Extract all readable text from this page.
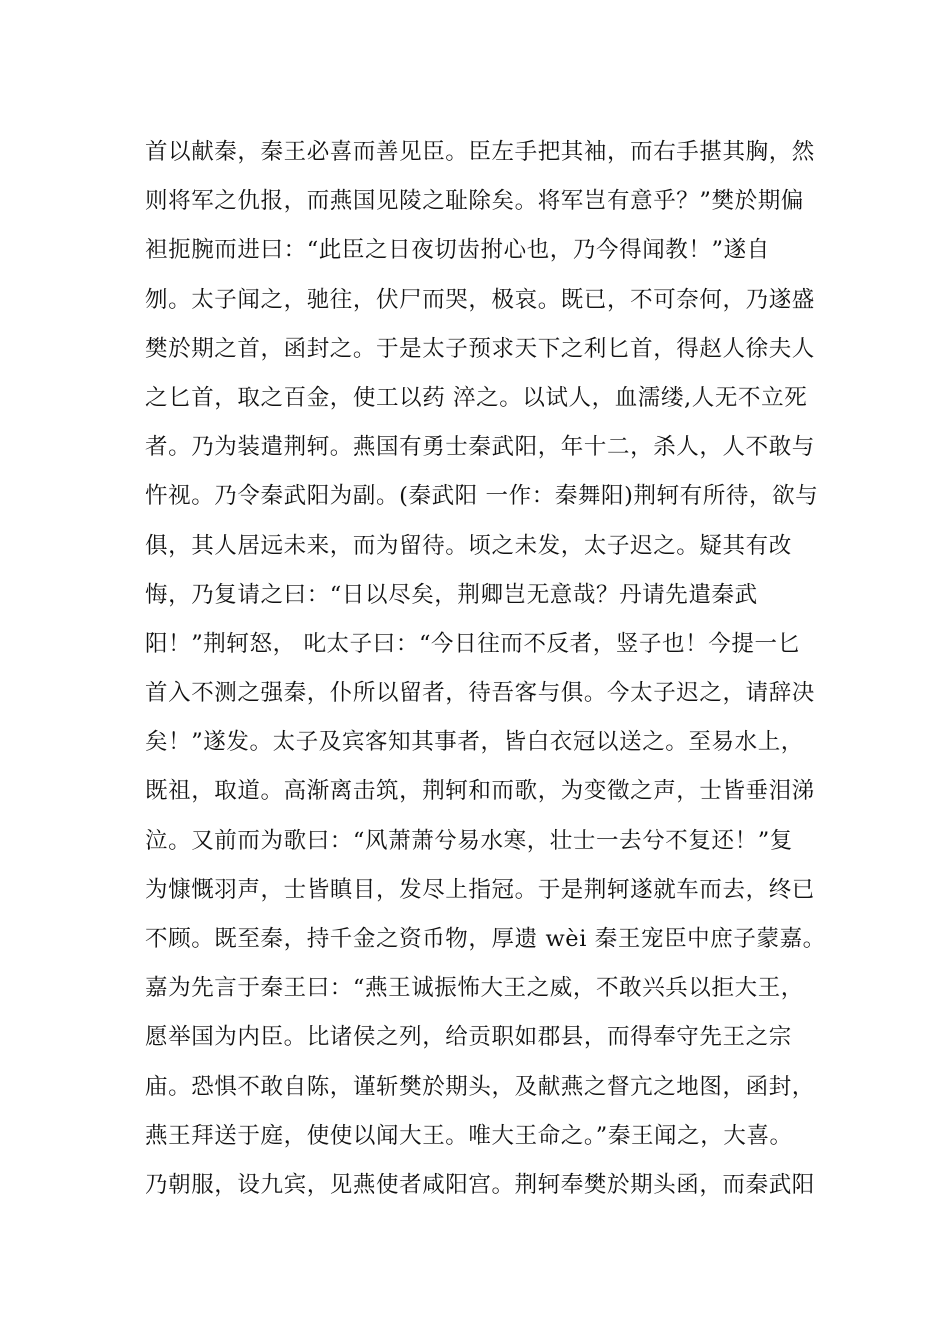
首以献秦，秦王必喜而善见臣。臣左手把其袖，而右手揕其胸，然
则将军之仇报，而燕国见陵之耻除矣。将军岂有意乎？”樊於期偏
袒扼腕而进曰：“此臣之日夜切齿拊心也，乃今得闻教！”遂自
刎。太子闻之，驰往，伏尸而哭，极哀。既已，不可奈何，乃遂盛
樊於期之首，函封之。于是太子预求天下之利匕首，得赵人徐夫人
之匕首，取之百金，使工以药 淬之。以试人，血濡缕,人无不立死
者。乃为装遣荆轲。燕国有勇士秦武阳，年十二，杀人，人不敢与
忤视。乃令秦武阳为副。(秦武阳 一作：秦舞阳)荆轲有所待，欲与
俱，其人居远未来，而为留待。顷之未发，太子迟之。疑其有改
悔，乃复请之曰：“日以尽矣，荆卿岂无意哉？丹请先遣秦武
阳！”荆轲怒， 叱太子曰：“今日往而不反者，竖子也！今提一匕
首入不测之强秦，仆所以留者，待吾客与俱。今太子迟之，请辞决
矣！”遂发。太子及宾客知其事者，皆白衣冠以送之。至易水上，
既祖，取道。高渐离击筑，荆轲和而歌，为变徵之声，士皆垂泪涕
泣。又前而为歌曰：“风萧萧兮易水寒，壮士一去兮不复还！”复
为慷慨羽声，士皆瞋目，发尽上指冠。于是荆轲遂就车而去，终已
不顾。既至秦，持千金之资币物，厚遗 wèi 秦王宠臣中庶子蒙嘉。
嘉为先言于秦王曰：“燕王诚振怖大王之威，不敢兴兵以拒大王，
愿举国为内臣。比诸侯之列，给贡职如郡县，而得奉守先王之宗
庙。恐惧不敢自陈，谨斩樊於期头，及献燕之督亢之地图，函封，
燕王拜送于庭，使使以闻大王。唯大王命之。”秦王闻之，大喜。
乃朝服，设九宾，见燕使者咸阳宫。荆轲奉樊於期头函，而秦武阳
